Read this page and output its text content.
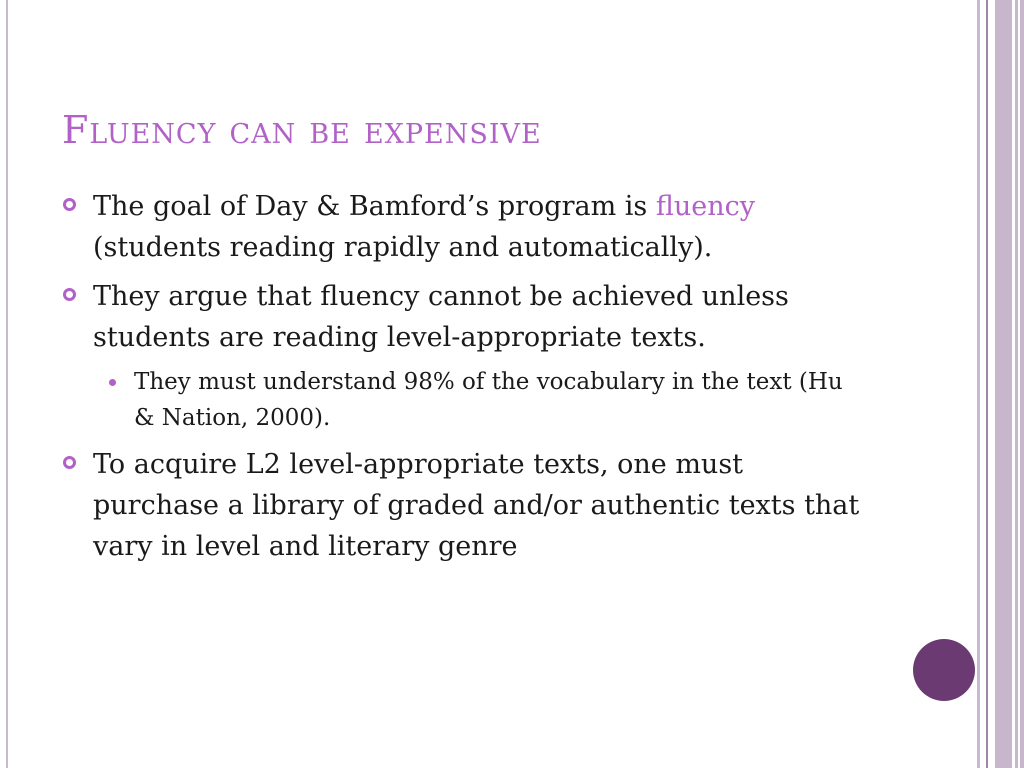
Fluency can be expensive
The goal of Day & Bamford’s program is fluency (students reading rapidly and automatically).
They argue that fluency cannot be achieved unless students are reading level-appropriate texts.
They must understand 98% of the vocabulary in the text (Hu & Nation, 2000).
To acquire L2 level-appropriate texts, one must purchase a library of graded and/or authentic texts that vary in level and literary genre
